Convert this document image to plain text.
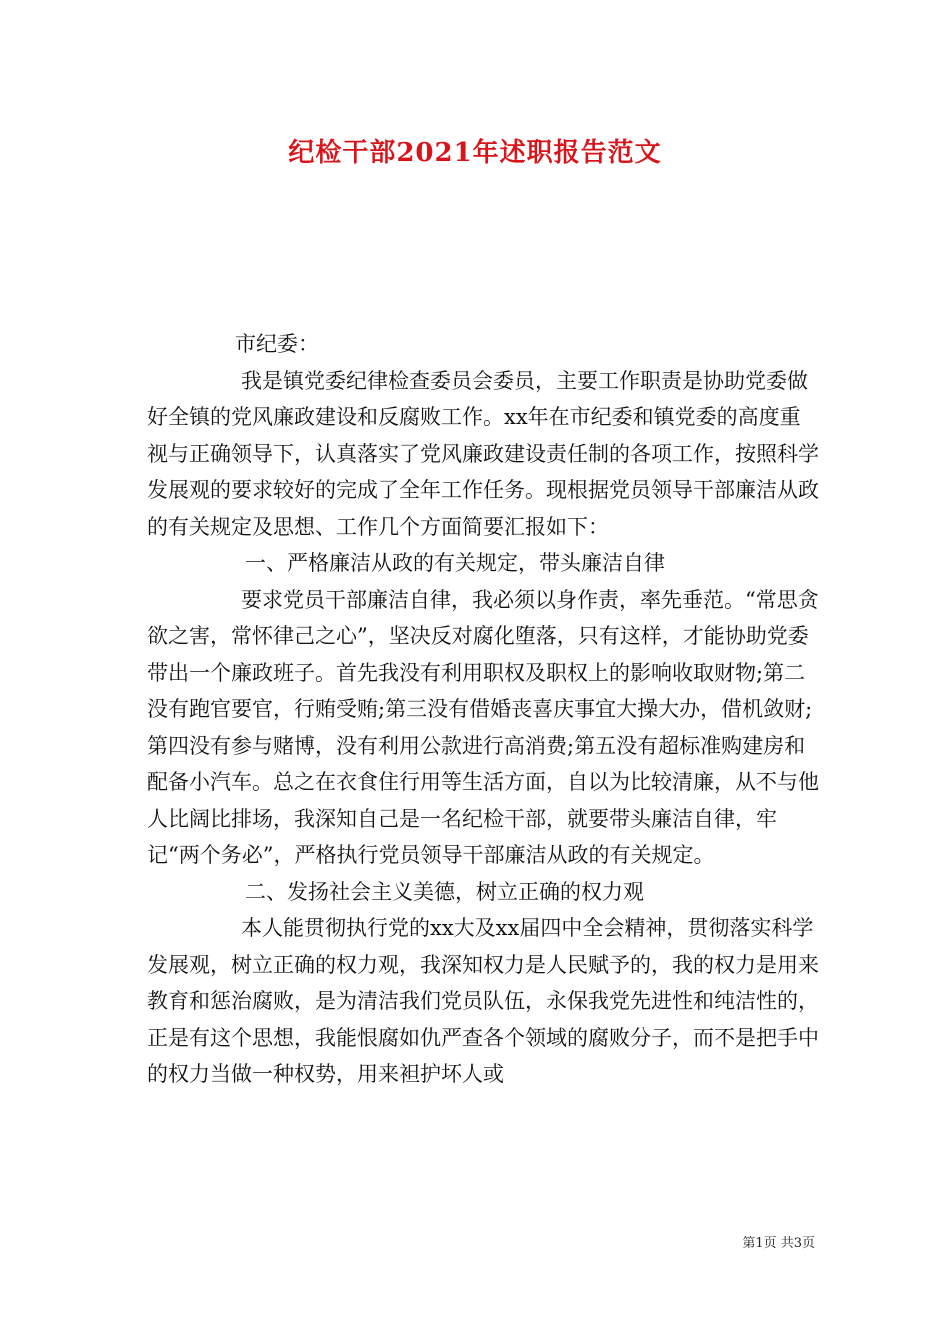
纪检干部2021年述职报告范文

市纪委：

我是镇党委纪律检查委员会委员，主要工作职责是协助党委做好全镇的党风廉政建设和反腐败工作。xx年在市纪委和镇党委的高度重视与正确领导下，认真落实了党风廉政建设责任制的各项工作，按照科学发展观的要求较好的完成了全年工作任务。现根据党员领导干部廉洁从政的有关规定及思想、工作几个方面简要汇报如下：

一、严格廉洁从政的有关规定，带头廉洁自律

要求党员干部廉洁自律，我必须以身作责，率先垂范。“常思贪欲之害，常怀律己之心”，坚决反对腐化堕落，只有这样，才能协助党委带出一个廉政班子。首先我没有利用职权及职权上的影响收取财物;第二没有跑官要官，行贿受贿;第三没有借婚丧喜庆事宜大操大办，借机敛财;第四没有参与赌博，没有利用公款进行高消费;第五没有超标准购建房和配备小汽车。总之在衣食住行用等生活方面，自以为比较清廉，从不与他人比阔比排场，我深知自己是一名纪检干部，就要带头廉洁自律，牢记“两个务必”，严格执行党员领导干部廉洁从政的有关规定。

二、发扬社会主义美德，树立正确的权力观

本人能贯彻执行党的xx大及xx届四中全会精神，贯彻落实科学发展观，树立正确的权力观，我深知权力是人民赋予的，我的权力是用来教育和惩治腐败，是为清洁我们党员队伍，永保我党先进性和纯洁性的，正是有这个思想，我能恨腐如仇严查各个领域的腐败分子，而不是把手中的权力当做一种权势，用来袒护坏人或

第1页 共3页
